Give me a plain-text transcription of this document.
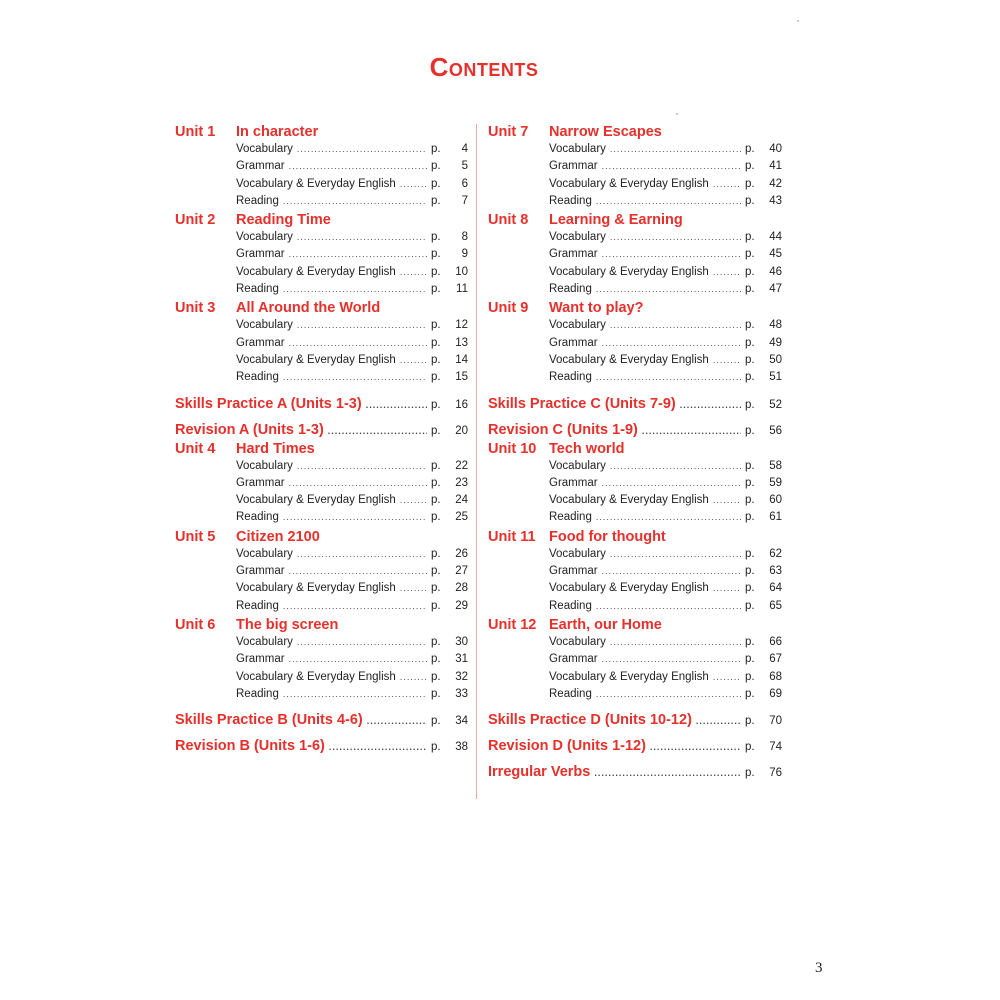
Contents
Unit 1	In character
Vocabulary .....	p.	4
Grammar .....	p.	5
Vocabulary & Everyday English .....	p.	6
Reading .....	p.	7
Unit 2	Reading Time
Vocabulary .....	p.	8
Grammar .....	p.	9
Vocabulary & Everyday English .....	p.	10
Reading .....	p.	11
Unit 3	All Around the World
Vocabulary .....	p.	12
Grammar .....	p.	13
Vocabulary & Everyday English .....	p.	14
Reading .....	p.	15
Skills Practice A (Units 1-3) .....	p.	16
Revision A (Units 1-3) .....	p.	20
Unit 4	Hard Times
Vocabulary .....	p.	22
Grammar .....	p.	23
Vocabulary & Everyday English .....	p.	24
Reading .....	p.	25
Unit 5	Citizen 2100
Vocabulary .....	p.	26
Grammar .....	p.	27
Vocabulary & Everyday English .....	p.	28
Reading .....	p.	29
Unit 6	The big screen
Vocabulary .....	p.	30
Grammar .....	p.	31
Vocabulary & Everyday English .....	p.	32
Reading .....	p.	33
Skills Practice B (Units 4-6) .....	p.	34
Revision B (Units 1-6) .....	p.	38
Unit 7	Narrow Escapes
Vocabulary .....	p.	40
Grammar .....	p.	41
Vocabulary & Everyday English .....	p.	42
Reading .....	p.	43
Unit 8	Learning & Earning
Vocabulary .....	p.	44
Grammar .....	p.	45
Vocabulary & Everyday English .....	p.	46
Reading .....	p.	47
Unit 9	Want to play?
Vocabulary .....	p.	48
Grammar .....	p.	49
Vocabulary & Everyday English .....	p.	50
Reading .....	p.	51
Skills Practice C (Units 7-9) .....	p.	52
Revision C (Units 1-9) .....	p.	56
Unit 10 Tech world
Vocabulary .....	p.	58
Grammar .....	p.	59
Vocabulary & Everyday English .....	p.	60
Reading .....	p.	61
Unit 11 Food for thought
Vocabulary .....	p.	62
Grammar .....	p.	63
Vocabulary & Everyday English .....	p.	64
Reading .....	p.	65
Unit 12 Earth, our Home
Vocabulary .....	p.	66
Grammar .....	p.	67
Vocabulary & Everyday English .....	p.	68
Reading .....	p.	69
Skills Practice D (Units 10-12) .....	p.	70
Revision D (Units 1-12) .....	p.	74
Irregular Verbs .....	p.	76
3
